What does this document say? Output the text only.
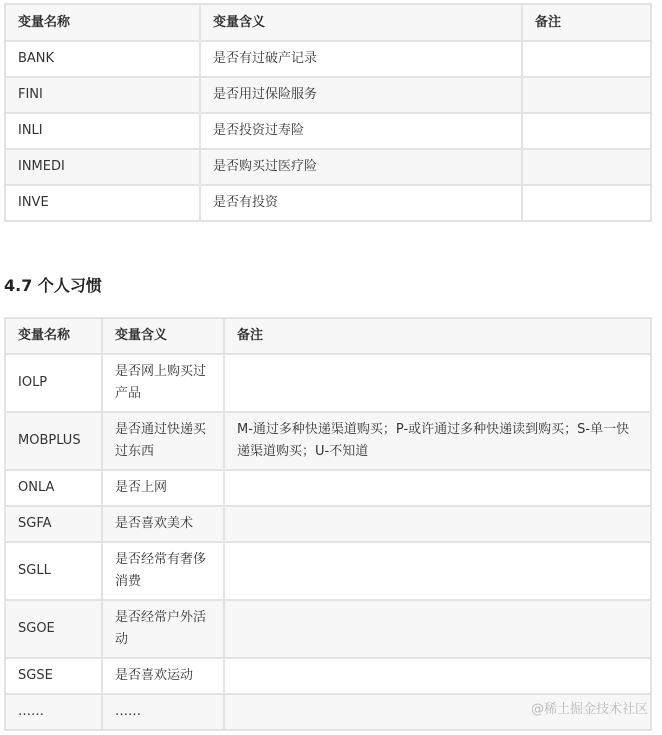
变量名称	变量含义	备注
BANK	是否有过破产记录	
FINI	是否用过保险服务	
INLI	是否投资过寿险	
INMEDI	是否购买过医疗险	
INVE	是否有投资	
4.7 个人习惯
变量名称	变量含义	备注
IOLP	是否网上购买过产品	
MOBPLUS	是否通过快递买过东西	M-通过多种快递渠道购买；P-或许通过多种快递读到购买；S-单一快递渠道购买；U-不知道
ONLA	是否上网	
SGFA	是否喜欢美术	
SGLL	是否经常有奢侈消费	
SGOE	是否经常户外活动	
SGSE	是否喜欢运动	
……	……		@稀土掘金技术社区
